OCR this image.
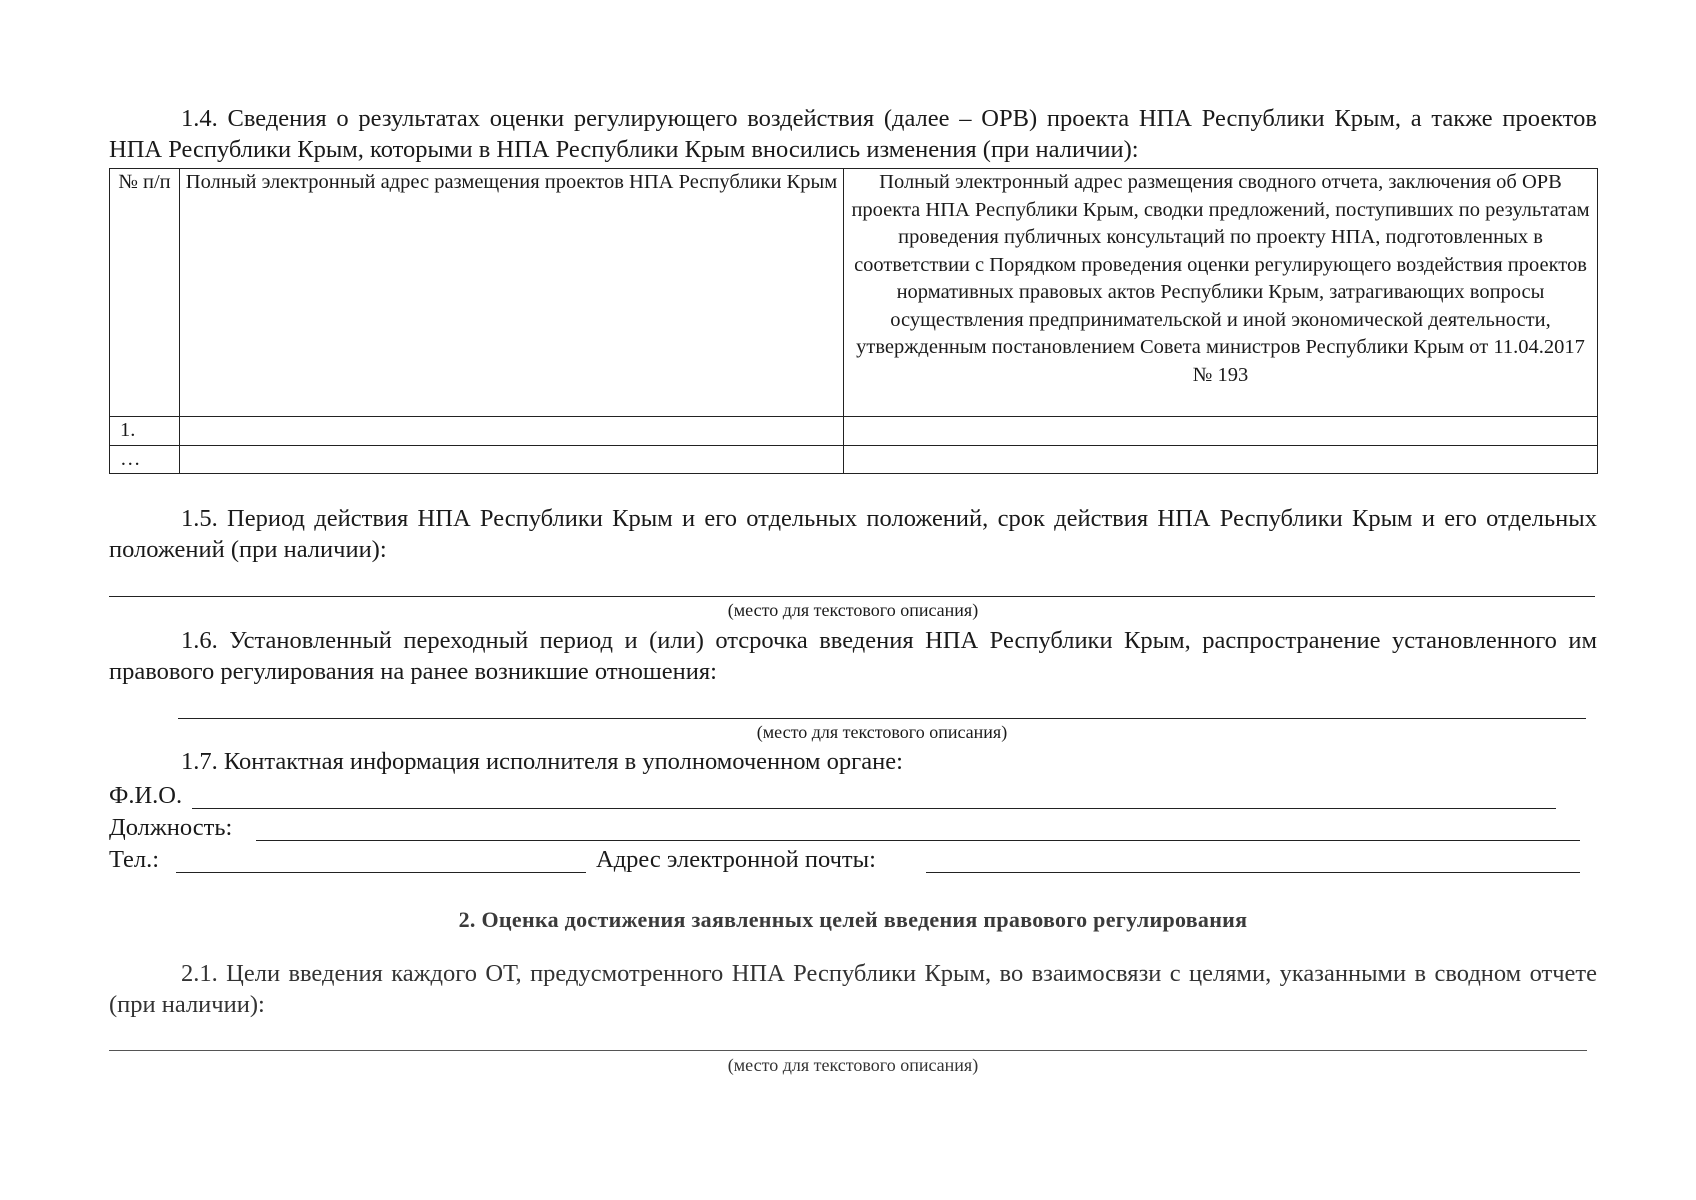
1.4. Сведения о результатах оценки регулирующего воздействия (далее – ОРВ) проекта НПА Республики Крым, а также проектов НПА Республики Крым, которыми в НПА Республики Крым вносились изменения (при наличии):

№ п/п	Полный электронный адрес размещения проектов НПА Республики Крым	Полный электронный адрес размещения сводного отчета, заключения об ОРВ проекта НПА Республики Крым, сводки предложений, поступивших по результатам проведения публичных консультаций по проекту НПА, подготовленных в соответствии с Порядком проведения оценки регулирующего воздействия проектов нормативных правовых актов Республики Крым, затрагивающих вопросы осуществления предпринимательской и иной экономической деятельности, утвержденным постановлением Совета министров Республики Крым от 11.04.2017 № 193
1.		
…		

1.5. Период действия НПА Республики Крым и его отдельных положений, срок действия НПА Республики Крым и его отдельных положений (при наличии):

(место для текстового описания)

1.6. Установленный переходный период и (или) отсрочка введения НПА Республики Крым, распространение установленного им правового регулирования на ранее возникшие отношения:

(место для текстового описания)

1.7. Контактная информация исполнителя в уполномоченном органе:

Ф.И.О.
Должность:
Тел.:	Адрес электронной почты:
2. Оценка достижения заявленных целей введения правового регулирования

2.1. Цели введения каждого ОТ, предусмотренного НПА Республики Крым, во взаимосвязи с целями, указанными в сводном отчете (при наличии):

(место для текстового описания)
